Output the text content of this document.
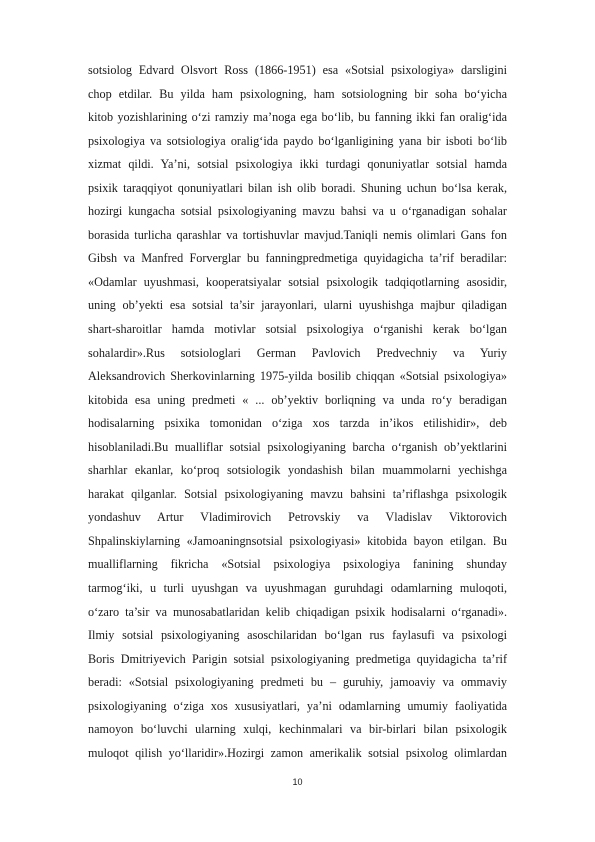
sotsiolog Edvard Olsvort Ross (1866-1951) esa «Sotsial psixologiya» darsligini
chop etdilar. Bu yilda ham psixologning, ham sotsiologning bir soha bo‘yicha
kitob yozishlarining o‘zi ramziy ma’noga ega bo‘lib, bu fanning ikki fan oralig‘ida
psixologiya va sotsiologiya oralig‘ida paydo bo‘lganligining yana bir isboti bo‘lib
xizmat qildi. Ya’ni, sotsial psixologiya ikki turdagi qonuniyatlar sotsial hamda
psixik taraqqiyot qonuniyatlari bilan ish olib boradi. Shuning uchun bo‘lsa kerak,
hozirgi kungacha sotsial psixologiyaning mavzu bahsi va u o‘rganadigan sohalar
borasida turlicha qarashlar va tortishuvlar mavjud.Taniqli nemis olimlari Gans fon
Gibsh va Manfred Forverglar bu fanningpredmetiga quyidagicha ta’rif beradilar:
«Odamlar uyushmasi, kooperatsiyalar sotsial psixologik tadqiqotlarning asosidir,
uning ob’yekti esa sotsial ta’sir jarayonlari, ularni uyushishga majbur qiladigan
shart-sharoitlar hamda motivlar sotsial psixologiya o‘rganishi kerak bo‘lgan
sohalardir».Rus sotsiologlari German Pavlovich Predvechniy va Yuriy
Aleksandrovich Sherkovinlarning 1975-yilda bosilib chiqqan «Sotsial psixologiya»
kitobida esa uning predmeti « ... ob’yektiv borliqning va unda ro‘y beradigan
hodisalarning psixika tomonidan o‘ziga xos tarzda in’ikos etilishidir», deb
hisoblaniladi.Bu mualliflar sotsial psixologiyaning barcha o‘rganish ob’yektlarini
sharhlar ekanlar, ko‘proq sotsiologik yondashish bilan muammolarni yechishga
harakat qilganlar. Sotsial psixologiyaning mavzu bahsini ta’riflashga psixologik
yondashuv Artur Vladimirovich Petrovskiy va Vladislav Viktorovich
Shpalinskiylarning «Jamoaningnsotsial psixologiyasi» kitobida bayon etilgan. Bu
mualliflarning fikricha «Sotsial psixologiya psixologiya fanining shunday
tarmog‘iki, u turli uyushgan va uyushmagan guruhdagi odamlarning muloqoti,
o‘zaro ta’sir va munosabatlaridan kelib chiqadigan psixik hodisalarni o‘rganadi».
Ilmiy sotsial psixologiyaning asoschilaridan bo‘lgan rus faylasufi va psixologi
Boris Dmitriyevich Parigin sotsial psixologiyaning predmetiga quyidagicha ta’rif
beradi: «Sotsial psixologiyaning predmeti bu – guruhiy, jamoaviy va ommaviy
psixologiyaning o‘ziga xos xususiyatlari, ya’ni odamlarning umumiy faoliyatida
namoyon bo‘luvchi ularning xulqi, kechinmalari va bir-birlari bilan psixologik
muloqot qilish yo‘llaridir».Hozirgi zamon amerikalik sotsial psixolog olimlardan
10
